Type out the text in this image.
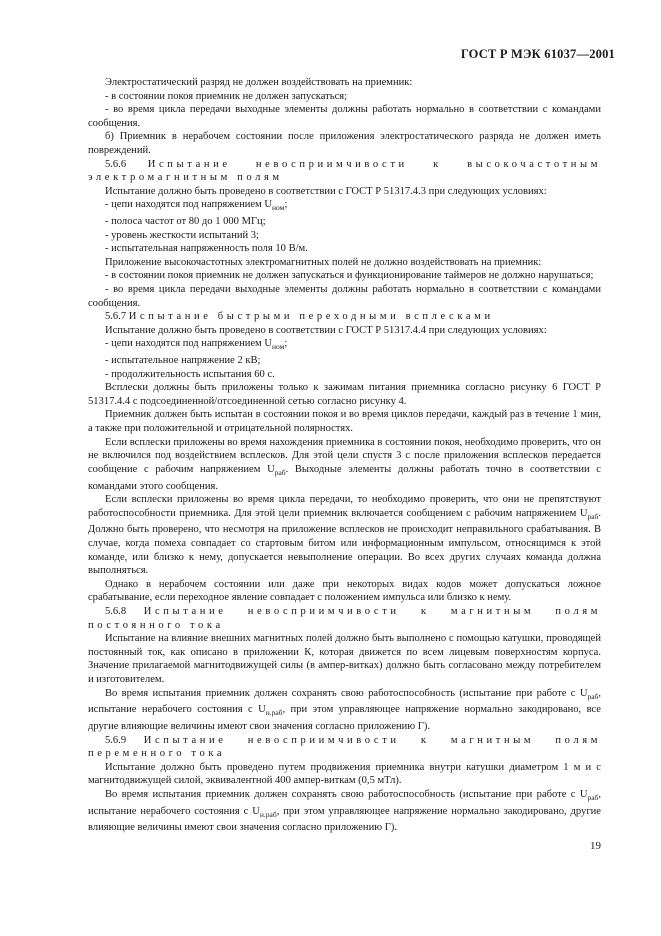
ГОСТ Р МЭК 61037—2001

Электростатический разряд не должен воздействовать на приемник:

- в состоянии покоя приемник не должен запускаться;

- во время цикла передачи выходные элементы должны работать нормально в соответствии с командами сообщения.

б) Приемник в нерабочем состоянии после приложения электростатического разряда не должен иметь повреждений.

5.6.6 Испытание невосприимчивости к высокочастотным электромагнитным полям

Испытание должно быть проведено в соответствии с ГОСТ Р 51317.4.3 при следующих условиях:

- цепи находятся под напряжением $U_{ном}$;

- полоса частот от 80 до 1 000 МГц;

- уровень жесткости испытаний 3;

- испытательная напряженность поля 10 В/м.

Приложение высокочастотных электромагнитных полей не должно воздействовать на приемник:

- в состоянии покоя приемник не должен запускаться и функционирование таймеров не должно нарушаться;

- во время цикла передачи выходные элементы должны работать нормально в соответствии с командами сообщения.

5.6.7 Испытание быстрыми переходными всплесками

Испытание должно быть проведено в соответствии с ГОСТ Р 51317.4.4 при следующих условиях:

- цепи находятся под напряжением $U_{ном}$;

- испытательное напряжение 2 кВ;

- продолжительность испытания 60 с.

Всплески должны быть приложены только к зажимам питания приемника согласно рисунку 6 ГОСТ Р 51317.4.4 с подсоединенной/отсоединенной сетью согласно рисунку 4.

Приемник должен быть испытан в состоянии покоя и во время циклов передачи, каждый раз в течение 1 мин, а также при положительной и отрицательной полярностях.

Если всплески приложены во время нахождения приемника в состоянии покоя, необходимо проверить, что он не включился под воздействием всплесков. Для этой цели спустя 3 с после приложения всплесков передается сообщение с рабочим напряжением $U_{раб}$. Выходные элементы должны работать точно в соответствии с командами этого сообщения.

Если всплески приложены во время цикла передачи, то необходимо проверить, что они не препятствуют работоспособности приемника. Для этой цели приемник включается сообщением с рабочим напряжением $U_{раб}$. Должно быть проверено, что несмотря на приложение всплесков не происходит неправильного срабатывания. В случае, когда помеха совпадает со стартовым битом или информационным импульсом, относящимся к этой команде, или близко к нему, допускается невыполнение операции. Во всех других случаях команда должна выполняться.

Однако в нерабочем состоянии или даже при некоторых видах кодов может допускаться ложное срабатывание, если переходное явление совпадает с положением импульса или близко к нему.

5.6.8 Испытание невосприимчивости к магнитным полям постоянного тока

Испытание на влияние внешних магнитных полей должно быть выполнено с помощью катушки, проводящей постоянный ток, как описано в приложении К, которая движется по всем лицевым поверхностям корпуса. Значение прилагаемой магнитодвижущей силы (в ампер-витках) должно быть согласовано между потребителем и изготовителем.

Во время испытания приемник должен сохранять свою работоспособность (испытание при работе с $U_{раб}$, испытание нерабочего состояния с $U_{н.раб}$, при этом управляющее напряжение нормально закодировано, все другие влияющие величины имеют свои значения согласно приложению Г).

5.6.9 Испытание невосприимчивости к магнитным полям переменного тока

Испытание должно быть проведено путем продвижения приемника внутри катушки диаметром 1 м и с магнитодвижущей силой, эквивалентной 400 ампер-виткам (0,5 мТл).

Во время испытания приемник должен сохранять свою работоспособность (испытание при работе с $U_{раб}$, испытание нерабочего состояния с $U_{н.раб}$, при этом управляющее напряжение нормально закодировано, другие влияющие величины имеют свои значения согласно приложению Г).

19
